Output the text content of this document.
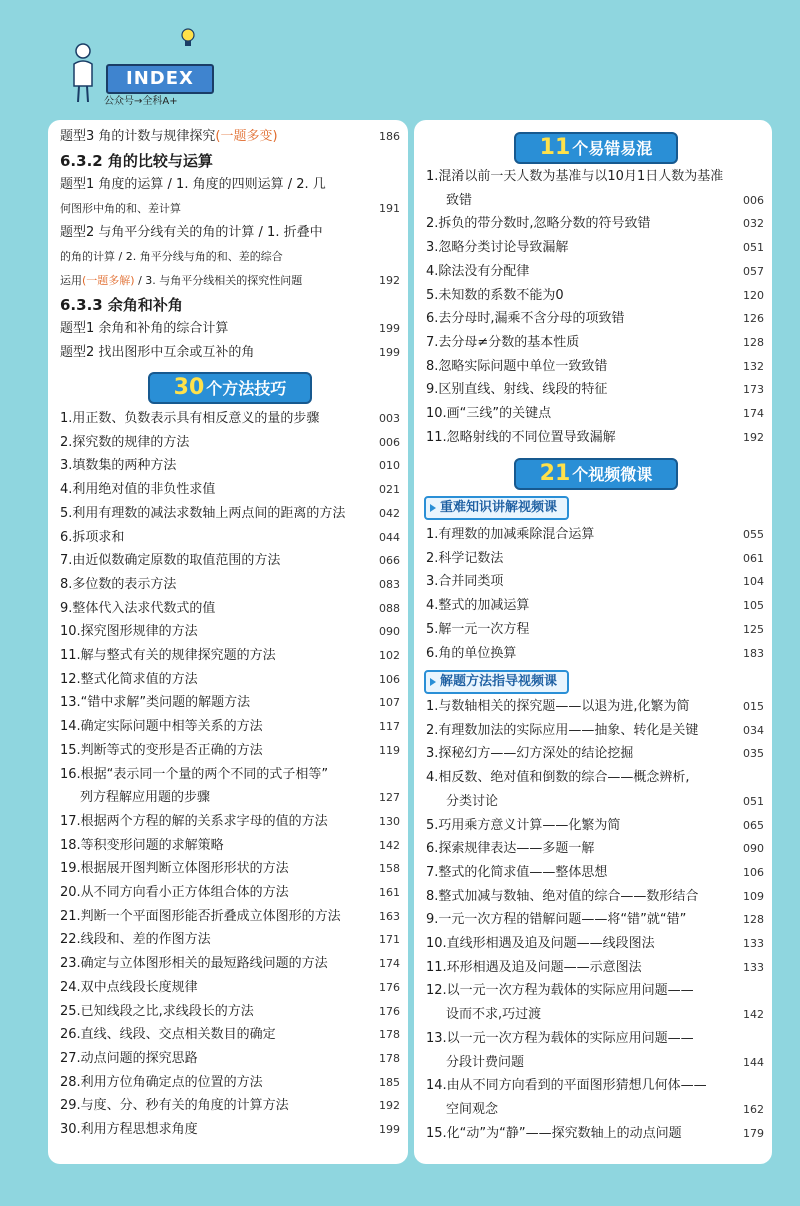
INDEX
公众号→全科A+
题型3 角的计数与规律探究(一题多变)	186
6.3.2 角的比较与运算
题型1 角度的运算 / 1. 角度的四则运算 / 2. 几
何图形中角的和、差计算	191
题型2 与角平分线有关的角的计算 / 1. 折叠中
的角的计算 / 2. 角平分线与角的和、差的综合
运用(一题多解) / 3. 与角平分线相关的探究性问题	192
6.3.3 余角和补角
题型1 余角和补角的综合计算	199
题型2 找出图形中互余或互补的角	199
30 个方法技巧
1.用正数、负数表示具有相反意义的量的步骤	003
2.探究数的规律的方法	006
3.填数集的两种方法	010
4.利用绝对值的非负性求值	021
5.利用有理数的减法求数轴上两点间的距离的方法	042
6.拆项求和	044
7.由近似数确定原数的取值范围的方法	066
8.多位数的表示方法	083
9.整体代入法求代数式的值	088
10.探究图形规律的方法	090
11.解与整式有关的规律探究题的方法	102
12.整式化简求值的方法	106
13.“错中求解”类问题的解题方法	107
14.确定实际问题中相等关系的方法	117
15.判断等式的变形是否正确的方法	119
16.根据“表示同一个量的两个不同的式子相等”
列方程解应用题的步骤	127
17.根据两个方程的解的关系求字母的值的方法	130
18.等积变形问题的求解策略	142
19.根据展开图判断立体图形形状的方法	158
20.从不同方向看小正方体组合体的方法	161
21.判断一个平面图形能否折叠成立体图形的方法	163
22.线段和、差的作图方法	171
23.确定与立体图形相关的最短路线问题的方法	174
24.双中点线段长度规律	176
25.已知线段之比,求线段长的方法	176
26.直线、线段、交点相关数目的确定	178
27.动点问题的探究思路	178
28.利用方位角确定点的位置的方法	185
29.与度、分、秒有关的角度的计算方法	192
30.利用方程思想求角度	199
11 个易错易混
1.混淆以前一天人数为基准与以10月1日人数为基准
致错	006
2.拆负的带分数时,忽略分数的符号致错	032
3.忽略分类讨论导致漏解	051
4.除法没有分配律	057
5.未知数的系数不能为0	120
6.去分母时,漏乘不含分母的项致错	126
7.去分母≠分数的基本性质	128
8.忽略实际问题中单位一致致错	132
9.区别直线、射线、线段的特征	173
10.画“三线”的关键点	174
11.忽略射线的不同位置导致漏解	192
21 个视频微课
重难知识讲解视频课
1.有理数的加减乘除混合运算	055
2.科学记数法	061
3.合并同类项	104
4.整式的加减运算	105
5.解一元一次方程	125
6.角的单位换算	183
解题方法指导视频课
1.与数轴相关的探究题——以退为进,化繁为简	015
2.有理数加法的实际应用——抽象、转化是关键	034
3.探秘幻方——幻方深处的结论挖掘	035
4.相反数、绝对值和倒数的综合——概念辨析,
分类讨论	051
5.巧用乘方意义计算——化繁为简	065
6.探索规律表达——多题一解	090
7.整式的化简求值——整体思想	106
8.整式加减与数轴、绝对值的综合——数形结合	109
9.一元一次方程的错解问题——将“错”就“错”	128
10.直线形相遇及追及问题——线段图法	133
11.环形相遇及追及问题——示意图法	133
12.以一元一次方程为载体的实际应用问题——
设而不求,巧过渡	142
13.以一元一次方程为载体的实际应用问题——
分段计费问题	144
14.由从不同方向看到的平面图形猜想几何体——
空间观念	162
15.化“动”为“静”——探究数轴上的动点问题	179
